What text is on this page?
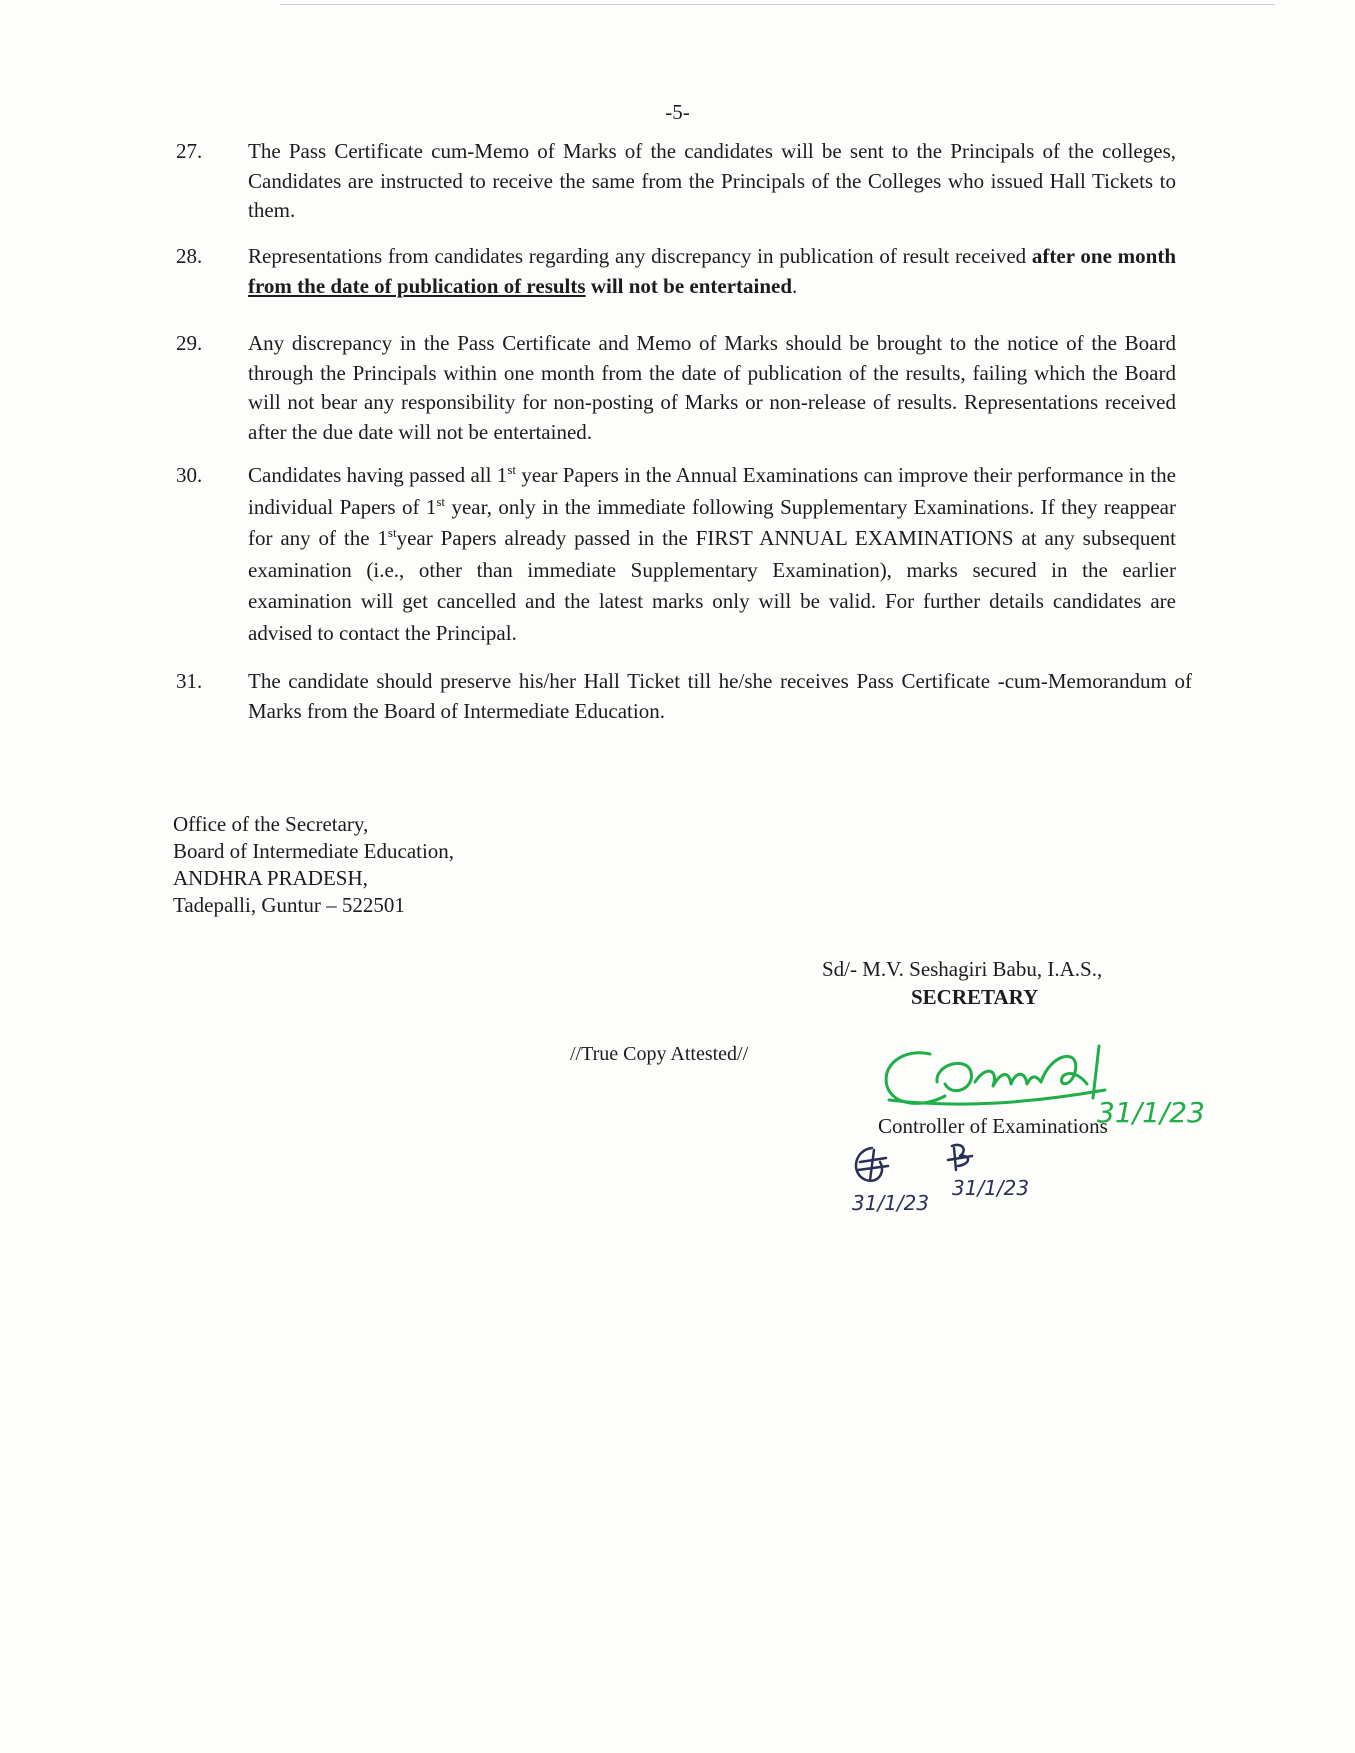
-5-
27. The Pass Certificate cum-Memo of Marks of the candidates will be sent to the Principals of the colleges, Candidates are instructed to receive the same from the Principals of the Colleges who issued Hall Tickets to them.
28. Representations from candidates regarding any discrepancy in publication of result received after one month from the date of publication of results will not be entertained.
29. Any discrepancy in the Pass Certificate and Memo of Marks should be brought to the notice of the Board through the Principals within one month from the date of publication of the results, failing which the Board will not bear any responsibility for non-posting of Marks or non-release of results. Representations received after the due date will not be entertained.
30. Candidates having passed all 1st year Papers in the Annual Examinations can improve their performance in the individual Papers of 1st year, only in the immediate following Supplementary Examinations. If they reappear for any of the 1styear Papers already passed in the FIRST ANNUAL EXAMINATIONS at any subsequent examination (i.e., other than immediate Supplementary Examination), marks secured in the earlier examination will get cancelled and the latest marks only will be valid. For further details candidates are advised to contact the Principal.
31. The candidate should preserve his/her Hall Ticket till he/she receives Pass Certificate -cum-Memorandum of Marks from the Board of Intermediate Education.
Office of the Secretary,
Board of Intermediate Education,
ANDHRA PRADESH,
Tadepalli, Guntur – 522501
Sd/- M.V. Seshagiri Babu, I.A.S.,
SECRETARY
//True Copy Attested//
31/1/23
Controller of Examinations
31/1/23
31/1/23
